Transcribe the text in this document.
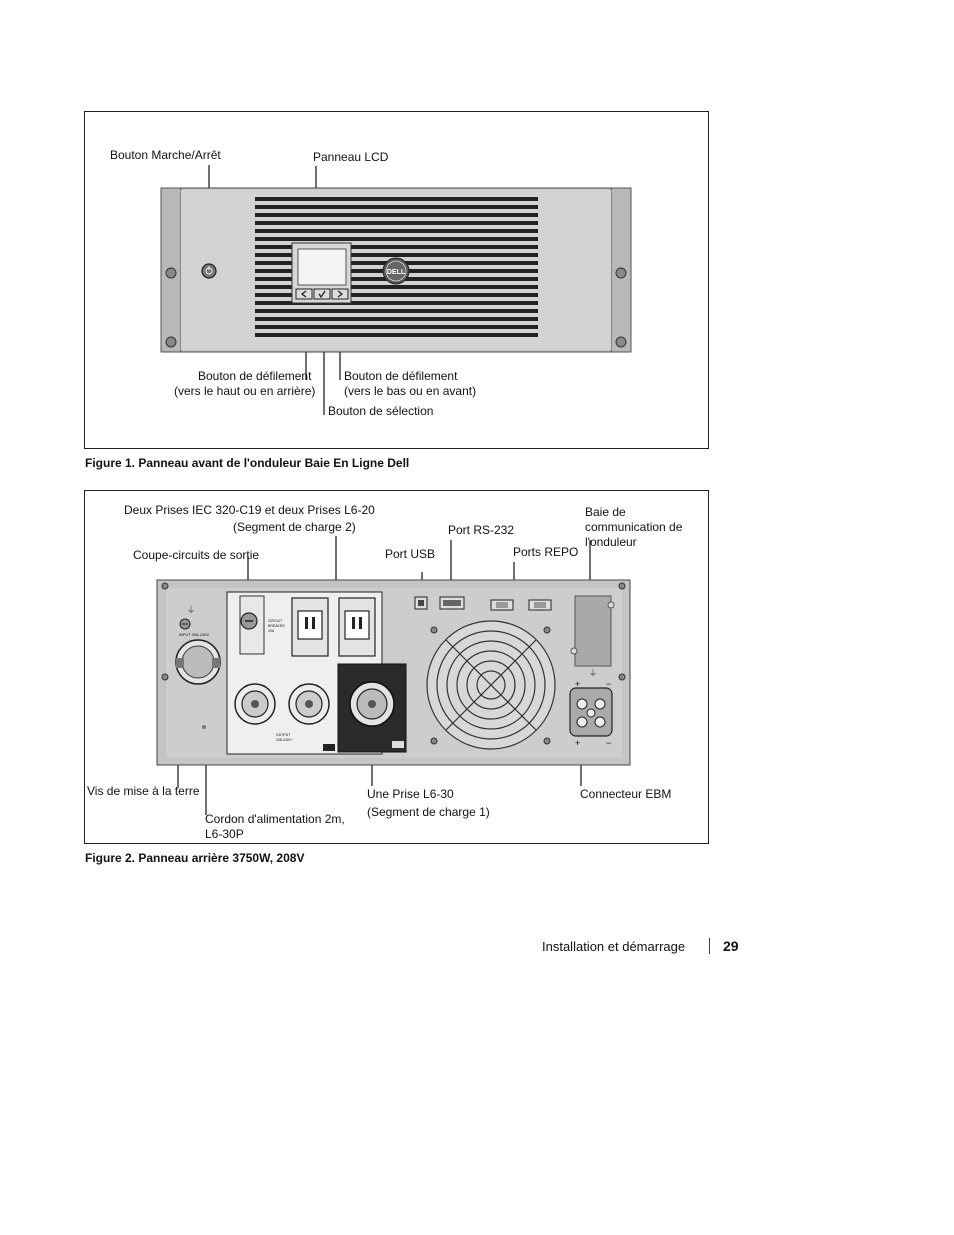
DELL
Bouton Marche/Arrêt	Panneau LCD
Bouton de défilement
(vers le haut ou en arrière)
Bouton de défilement
(vers le bas ou en avant)
Bouton de sélection
Figure 1. Panneau avant de l'onduleur Baie En Ligne Dell
⏚
INPUT 208-240V
CIRCUIT
BREAKER
20A
OUTPUT
208-240V~
⏚
+	−
+	−
Deux Prises IEC 320-C19 et deux Prises L6-20
(Segment de charge 2)
Coupe-circuits de sortie	Port USB
Port RS-232
Ports REPO
Baie de
communication de
l'onduleur
Vis de mise à la terre
Cordon d'alimentation 2m,
L6-30P
Une Prise L6-30
(Segment de charge 1)
Connecteur EBM
Figure 2. Panneau arrière 3750W, 208V
Installation et démarrage	29
